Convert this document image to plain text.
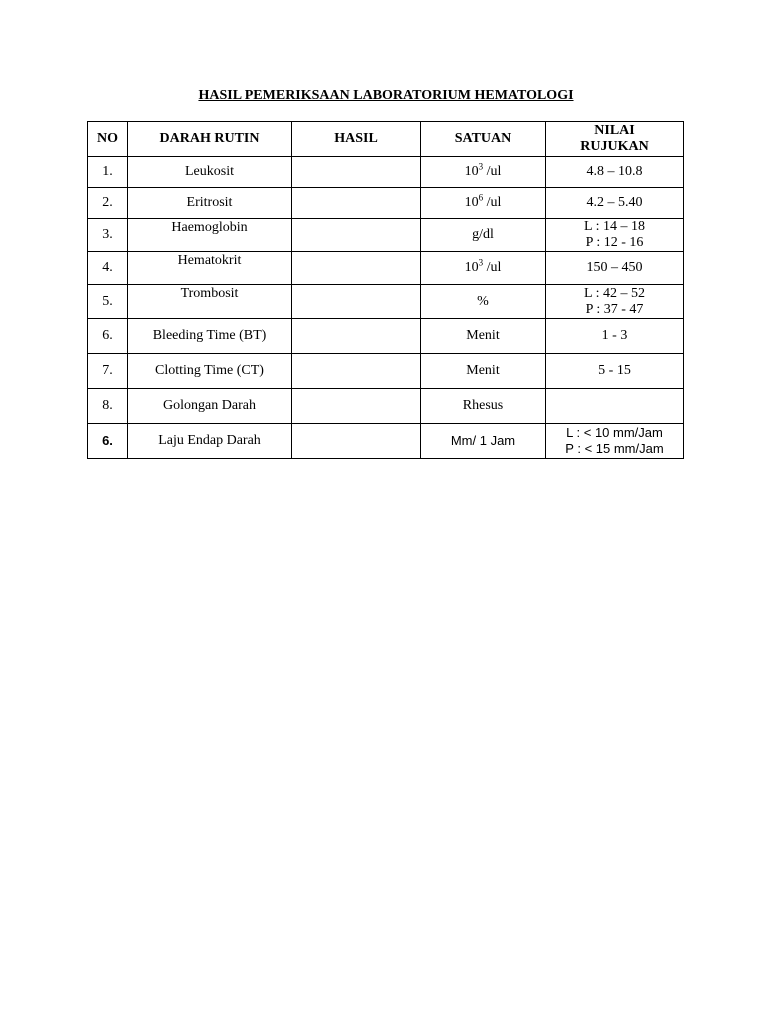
HASIL PEMERIKSAAN LABORATORIUM HEMATOLOGI
NO	DARAH RUTIN	HASIL	SATUAN	NILAI
RUJUKAN

1.	Leukosit		$10^3$ /ul	4.8 – 10.8

2.	Eritrosit		$10^6$ /ul	4.2 – 5.40

3.	Haemoglobin		g/dl	L : 14 – 18
P : 12 - 16

4.	Hematokrit		$10^3$ /ul	150 – 450

5.	Trombosit		%	L : 42 – 52
P : 37 - 47

6.	Bleeding Time (BT)		Menit	1 - 3

7.	Clotting Time (CT)		Menit	5 - 15

8.	Golongan Darah		Rhesus	
6.	Laju Endap Darah		Mm/ 1 Jam	L : < 10 mm/Jam
P : < 15 mm/Jam
